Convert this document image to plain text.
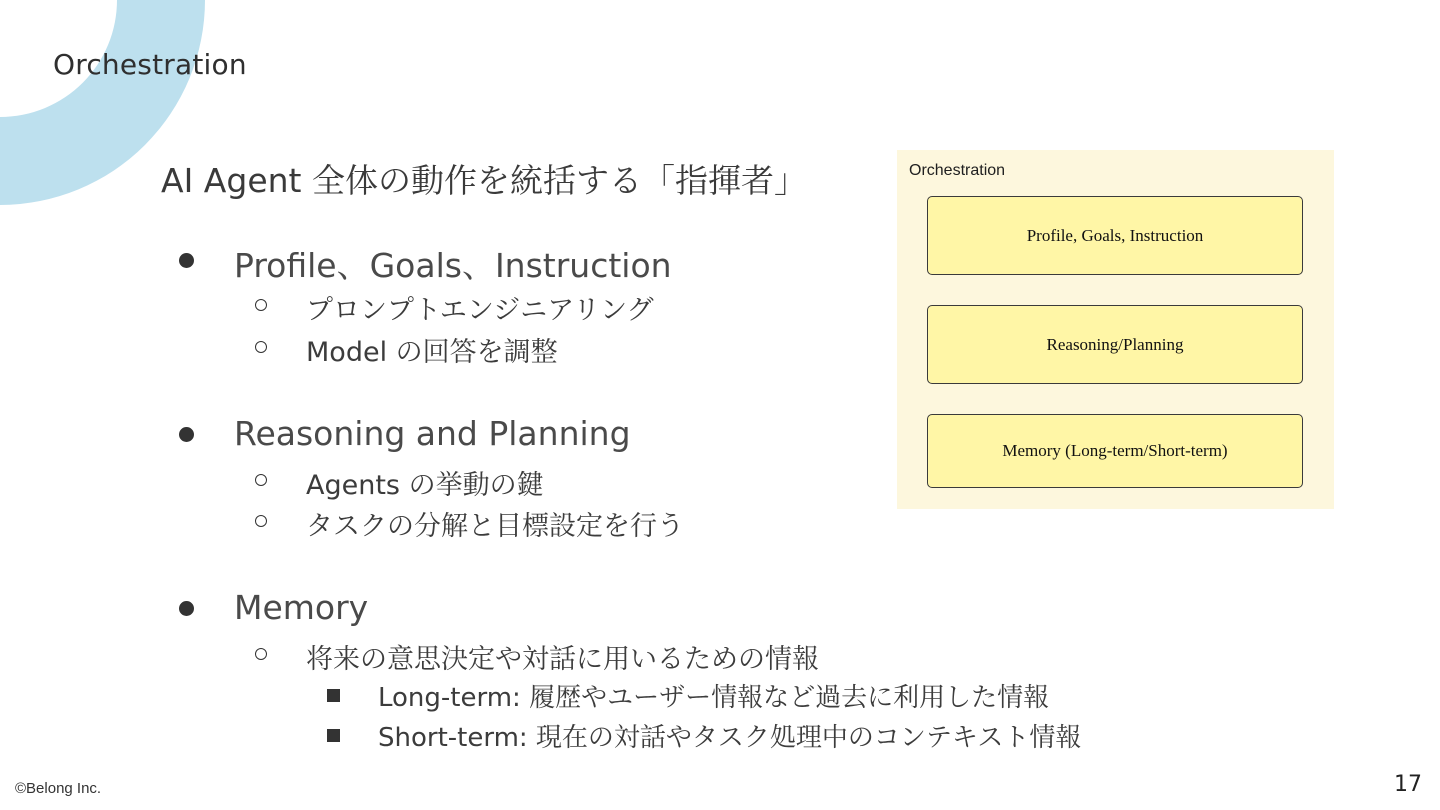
Orchestration
AI Agent 全体の動作を統括する「指揮者」
Profile、Goals、Instruction
プロンプトエンジニアリング
Model の回答を調整
Reasoning and Planning
Agents の挙動の鍵
タスクの分解と目標設定を行う
Memory
将来の意思決定や対話に用いるための情報
Long-term: 履歴やユーザー情報など過去に利用した情報
Short-term: 現在の対話やタスク処理中のコンテキスト情報
Orchestration
Profile, Goals, Instruction
Reasoning/Planning
Memory (Long-term/Short-term)
©Belong Inc.	17
